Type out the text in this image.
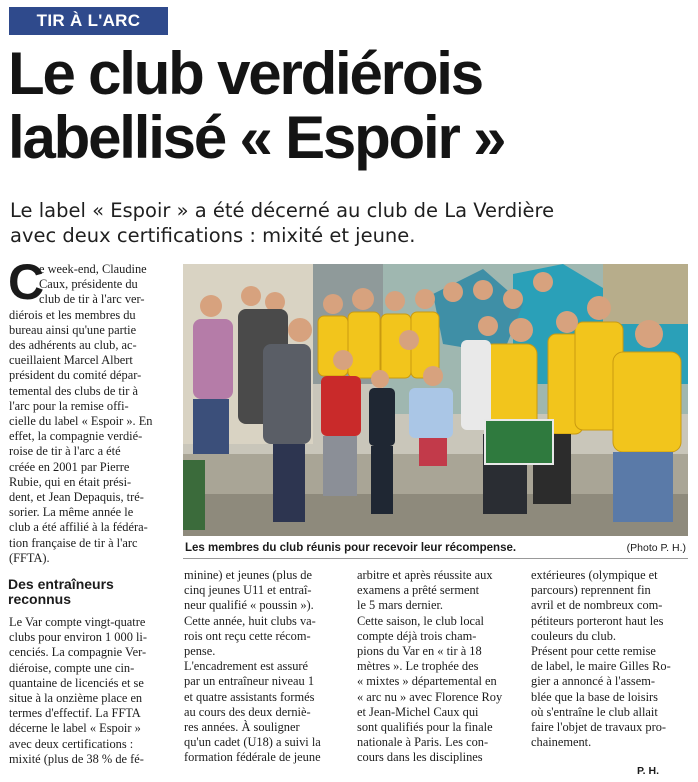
TIR À L'ARC
Le club verdiérois
labellisé « Espoir »
Le label « Espoir » a été décerné au club de La Verdière
avec deux certifications : mixité et jeune.
C
e week-end, Claudine
Caux, présidente du
club de tir à l'arc ver-
diérois et les membres du
bureau ainsi qu'une partie
des adhérents au club, ac-
cueillaient Marcel Albert
président du comité dépar-
temental des clubs de tir à
l'arc pour la remise offi-
cielle du label « Espoir ». En
effet, la compagnie verdié-
roise de tir à l'arc a été
créée en 2001 par Pierre
Rubie, qui en était prési-
dent, et Jean Depaquis, tré-
sorier. La même année le
club a été affilié à la fédéra-
tion française de tir à l'arc
(FFTA).
Des entraîneurs
reconnus
Le Var compte vingt-quatre
clubs pour environ 1 000 li-
cenciés. La compagnie Ver-
diéroise, compte une cin-
quantaine de licenciés et se
situe à la onzième place en
termes d'effectif. La FFTA
décerne le label « Espoir »
avec deux certifications :
mixité (plus de 38 % de fé-
Les membres du club réunis pour recevoir leur récompense.	(Photo P. H.)
minine) et jeunes (plus de
cinq jeunes U11 et entraî-
neur qualifié « poussin »).
Cette année, huit clubs va-
rois ont reçu cette récom-
pense.
L'encadrement est assuré
par un entraîneur niveau 1
et quatre assistants formés
au cours des deux derniè-
res années. À souligner
qu'un cadet (U18) a suivi la
formation fédérale de jeune
arbitre et après réussite aux
examens a prêté serment
le 5 mars dernier.
Cette saison, le club local
compte déjà trois cham-
pions du Var en « tir à 18
mètres ». Le trophée des
« mixtes » départemental en
« arc nu » avec Florence Roy
et Jean-Michel Caux qui
sont qualifiés pour la finale
nationale à Paris. Les con-
cours dans les disciplines
extérieures (olympique et
parcours) reprennent fin
avril et de nombreux com-
pétiteurs porteront haut les
couleurs du club.
Présent pour cette remise
de label, le maire Gilles Ro-
gier a annoncé à l'assem-
blée que la base de loisirs
où s'entraîne le club allait
faire l'objet de travaux pro-
chainement.
P. H.
